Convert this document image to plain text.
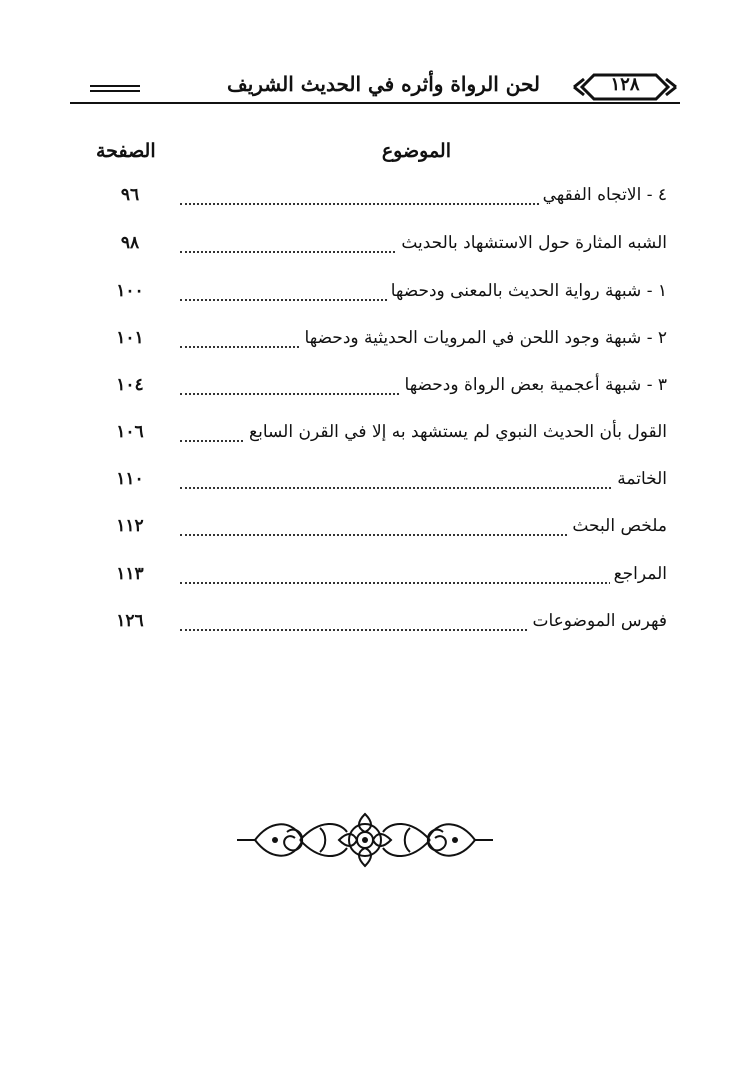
لحن الرواة وأثره في الحديث الشريف	١٢٨
الموضوع
الصفحة
٤ - الاتجاه الفقهي
٩٦
الشبه المثارة حول الاستشهاد بالحديث
٩٨
١ - شبهة رواية الحديث بالمعنى ودحضها
١٠٠
٢ - شبهة وجود اللحن في المرويات الحديثية ودحضها
١٠١
٣ - شبهة أعجمية بعض الرواة ودحضها
١٠٤
القول بأن الحديث النبوي لم يستشهد به إلا في القرن السابع
١٠٦
الخاتمة
١١٠
ملخص البحث
١١٢
المراجع
١١٣
فهرس الموضوعات
١٢٦
